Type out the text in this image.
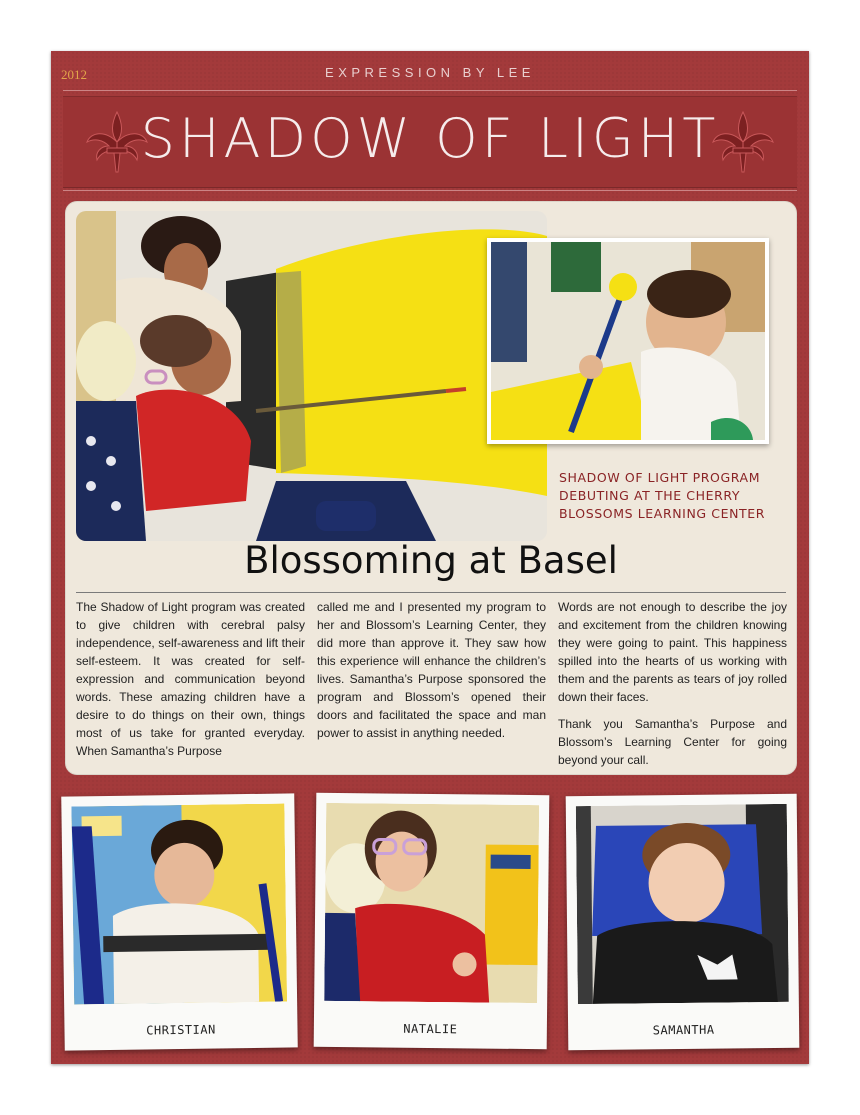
2012	EXPRESSION BY LEE
SHADOW OF LIGHT
SHADOW OF LIGHT PROGRAM
DEBUTING AT THE CHERRY
BLOSSOMS LEARNING CENTER
Blossoming at Basel

The Shadow of Light program was created to give children with cerebral palsy independence, self-awareness and lift their self-esteem. It was created for self-expression and communication beyond words. These amazing children have a desire to do things on their own, things most of us take for granted everyday. When Samantha’s Purpose

called me and I presented my program to her and Blossom’s Learning Center, they did more than approve it. They saw how this experience will enhance the children’s lives. Samantha’s Purpose sponsored the program and Blossom’s opened their doors and facilitated the space and man power to assist in anything needed.

Words are not enough to describe the joy and excitement from the children knowing they were going to paint. This happiness spilled into the hearts of us working with them and the parents as tears of joy rolled down their faces.

Thank you Samantha’s Purpose and Blossom’s Learning Center for going beyond your call.

CHRISTIAN	NATALIE	SAMANTHA
